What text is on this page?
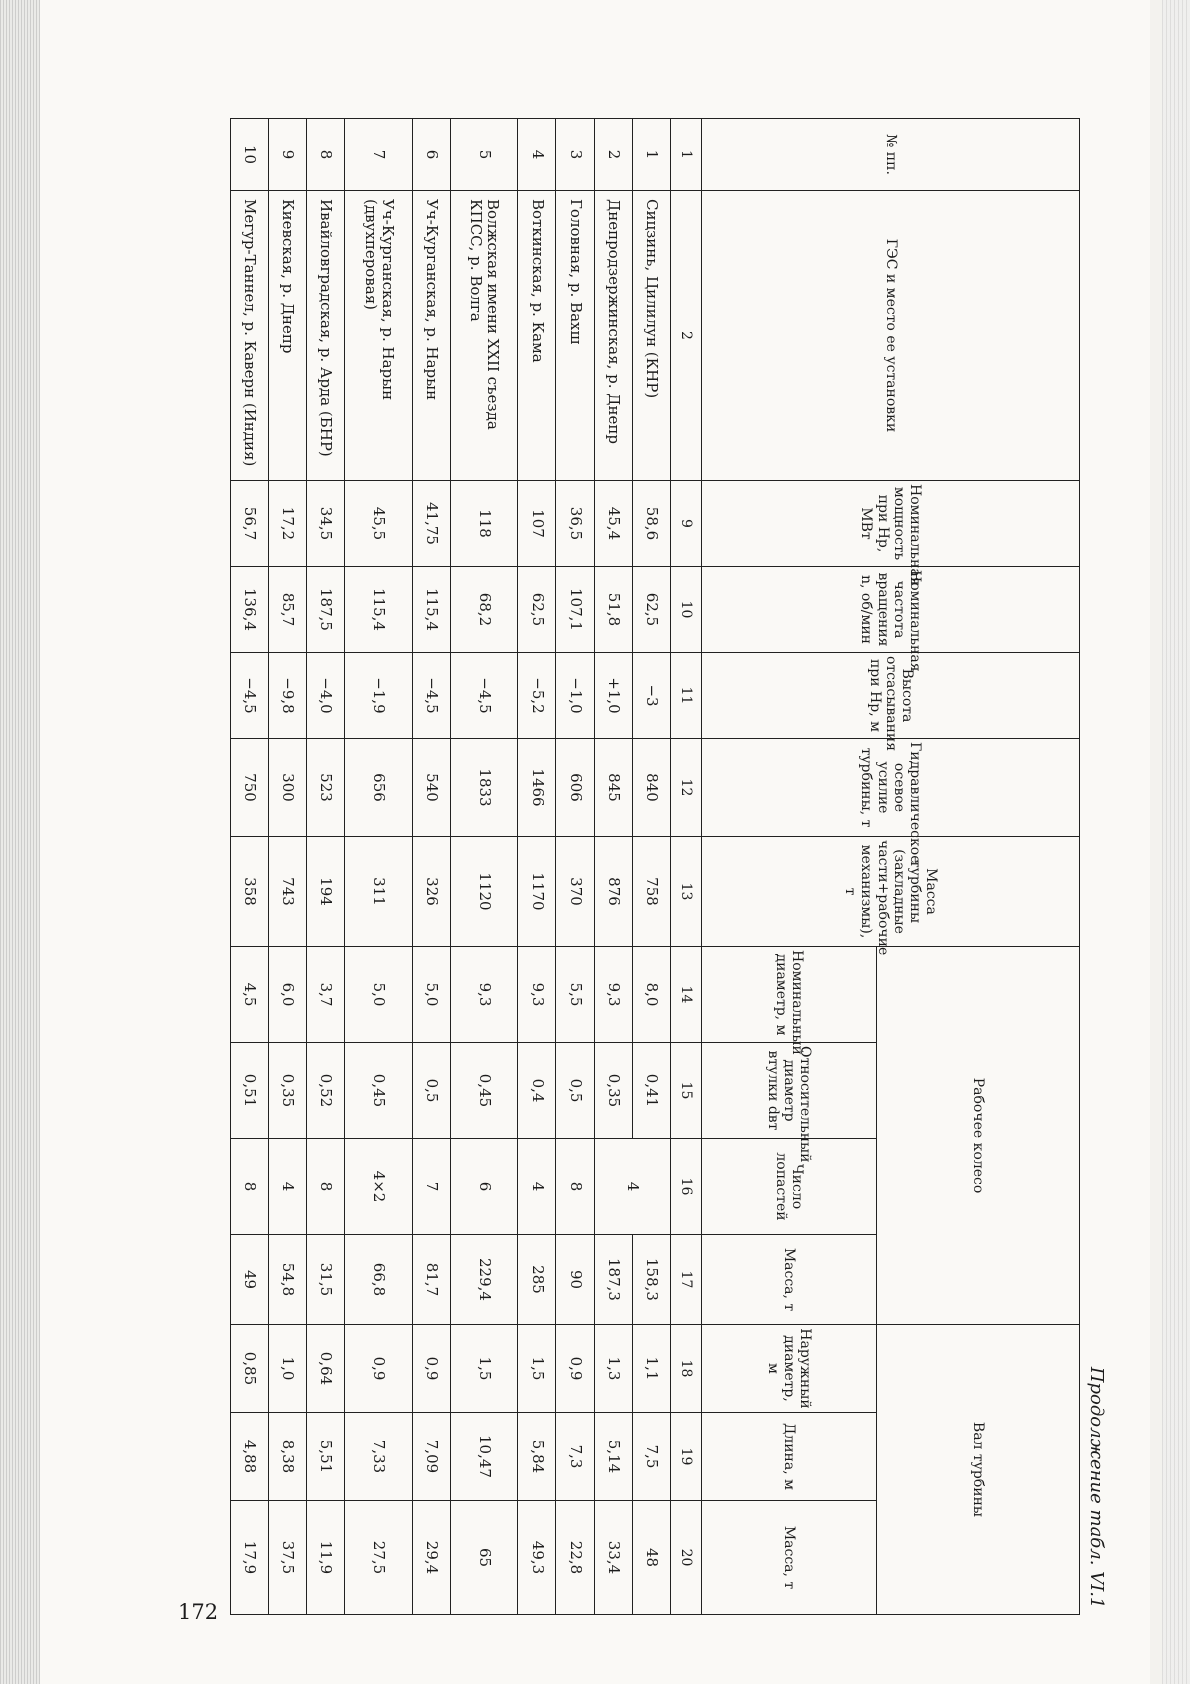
Продолжение табл. VI.1													
№ пп.	ГЭС и место ее установки	Номинальная мощность при Hр, МВт	Номинальная частота вращения n, об/мин	Высота отсасывания при Hр, м	Гидравлическое осевое усилие турбины, т	Масса турбины (закладные части+рабочие механизмы), т	Рабочее колесо				Вал турбины		
							Номинальный диаметр, м	Относительный диаметр втулки dвт	Число лопастей	Масса, т	Наружный диаметр, м	Длина, м	Масса, т
1	2	9	10	11	12	13	14	15	16	17	18	19	20
1	Сицзинь, Цилилун (КНР)	58,6	62,5	−3	840	758	8,0	0,41	4	158,3	1,1	7,5	48
2	Днепродзержинская, р. Днепр	45,4	51,8	+1,0	845	876	9,3	0,35		187,3	1,3	5,14	33,4
3	Головная, р. Вахш	36,5	107,1	−1,0	606	370	5,5	0,5	8	90	0,9	7,3	22,8
4	Воткинская, р. Кама	107	62,5	−5,2	1466	1170	9,3	0,4	4	285	1,5	5,84	49,3
5	Волжская имени XXII съезда КПСС, р. Волга	118	68,2	−4,5	1833	1120	9,3	0,45	6	229,4	1,5	10,47	65
6	Уч-Курганская, р. Нарын	41,75	115,4	−4,5	540	326	5,0	0,5	7	81,7	0,9	7,09	29,4
7	Уч-Курганская, р. Нарын (двухперовая)	45,5	115,4	−1,9	656	311	5,0	0,45	4×2	66,8	0,9	7,33	27,5
8	Ивайловградская, р. Арда (БНР)	34,5	187,5	−4,0	523	194	3,7	0,52	8	31,5	0,64	5,51	11,9
9	Киевская, р. Днепр	17,2	85,7	−9,8	300	743	6,0	0,35	4	54,8	1,0	8,38	37,5
10	Мегур-Таннел, р. Каверн (Индия)	56,7	136,4	−4,5	750	358	4,5	0,51	8	49	0,85	4,88	17,9
172
